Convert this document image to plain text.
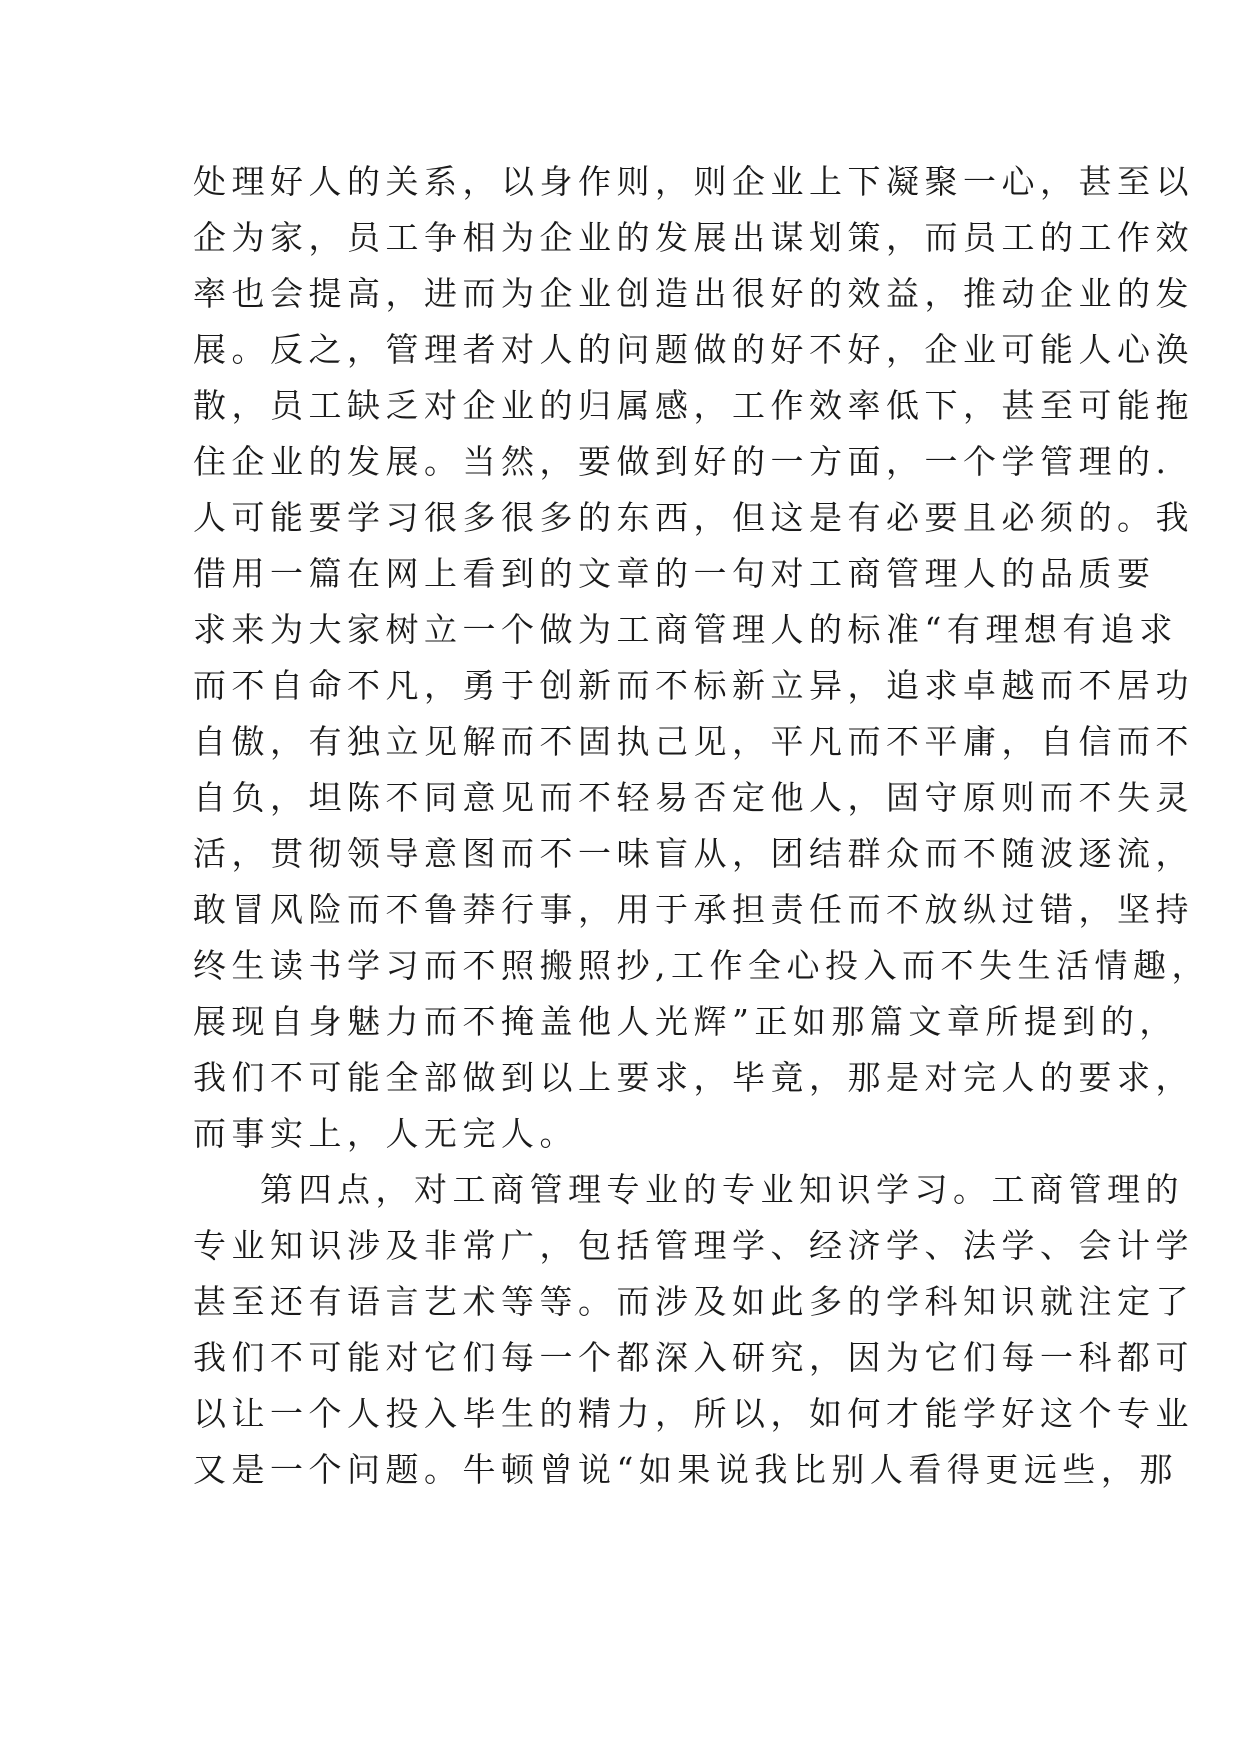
处理好人的关系，以身作则，则企业上下凝聚一心，甚至以
企为家，员工争相为企业的发展出谋划策，而员工的工作效
率也会提高，进而为企业创造出很好的效益，推动企业的发
展。反之，管理者对人的问题做的好不好，企业可能人心涣
散，员工缺乏对企业的归属感，工作效率低下，甚至可能拖
住企业的发展。当然，要做到好的一方面，一个学管理的.
人可能要学习很多很多的东西，但这是有必要且必须的。我
借用一篇在网上看到的文章的一句对工商管理人的品质要
求来为大家树立一个做为工商管理人的标准“有理想有追求
而不自命不凡，勇于创新而不标新立异，追求卓越而不居功
自傲，有独立见解而不固执己见，平凡而不平庸，自信而不
自负，坦陈不同意见而不轻易否定他人，固守原则而不失灵
活，贯彻领导意图而不一味盲从，团结群众而不随波逐流，
敢冒风险而不鲁莽行事，用于承担责任而不放纵过错，坚持
终生读书学习而不照搬照抄,工作全心投入而不失生活情趣，
展现自身魅力而不掩盖他人光辉”正如那篇文章所提到的，
我们不可能全部做到以上要求，毕竟，那是对完人的要求，
而事实上，人无完人。
第四点，对工商管理专业的专业知识学习。工商管理的
专业知识涉及非常广，包括管理学、经济学、法学、会计学
甚至还有语言艺术等等。而涉及如此多的学科知识就注定了
我们不可能对它们每一个都深入研究，因为它们每一科都可
以让一个人投入毕生的精力，所以，如何才能学好这个专业
又是一个问题。牛顿曾说“如果说我比别人看得更远些，那
